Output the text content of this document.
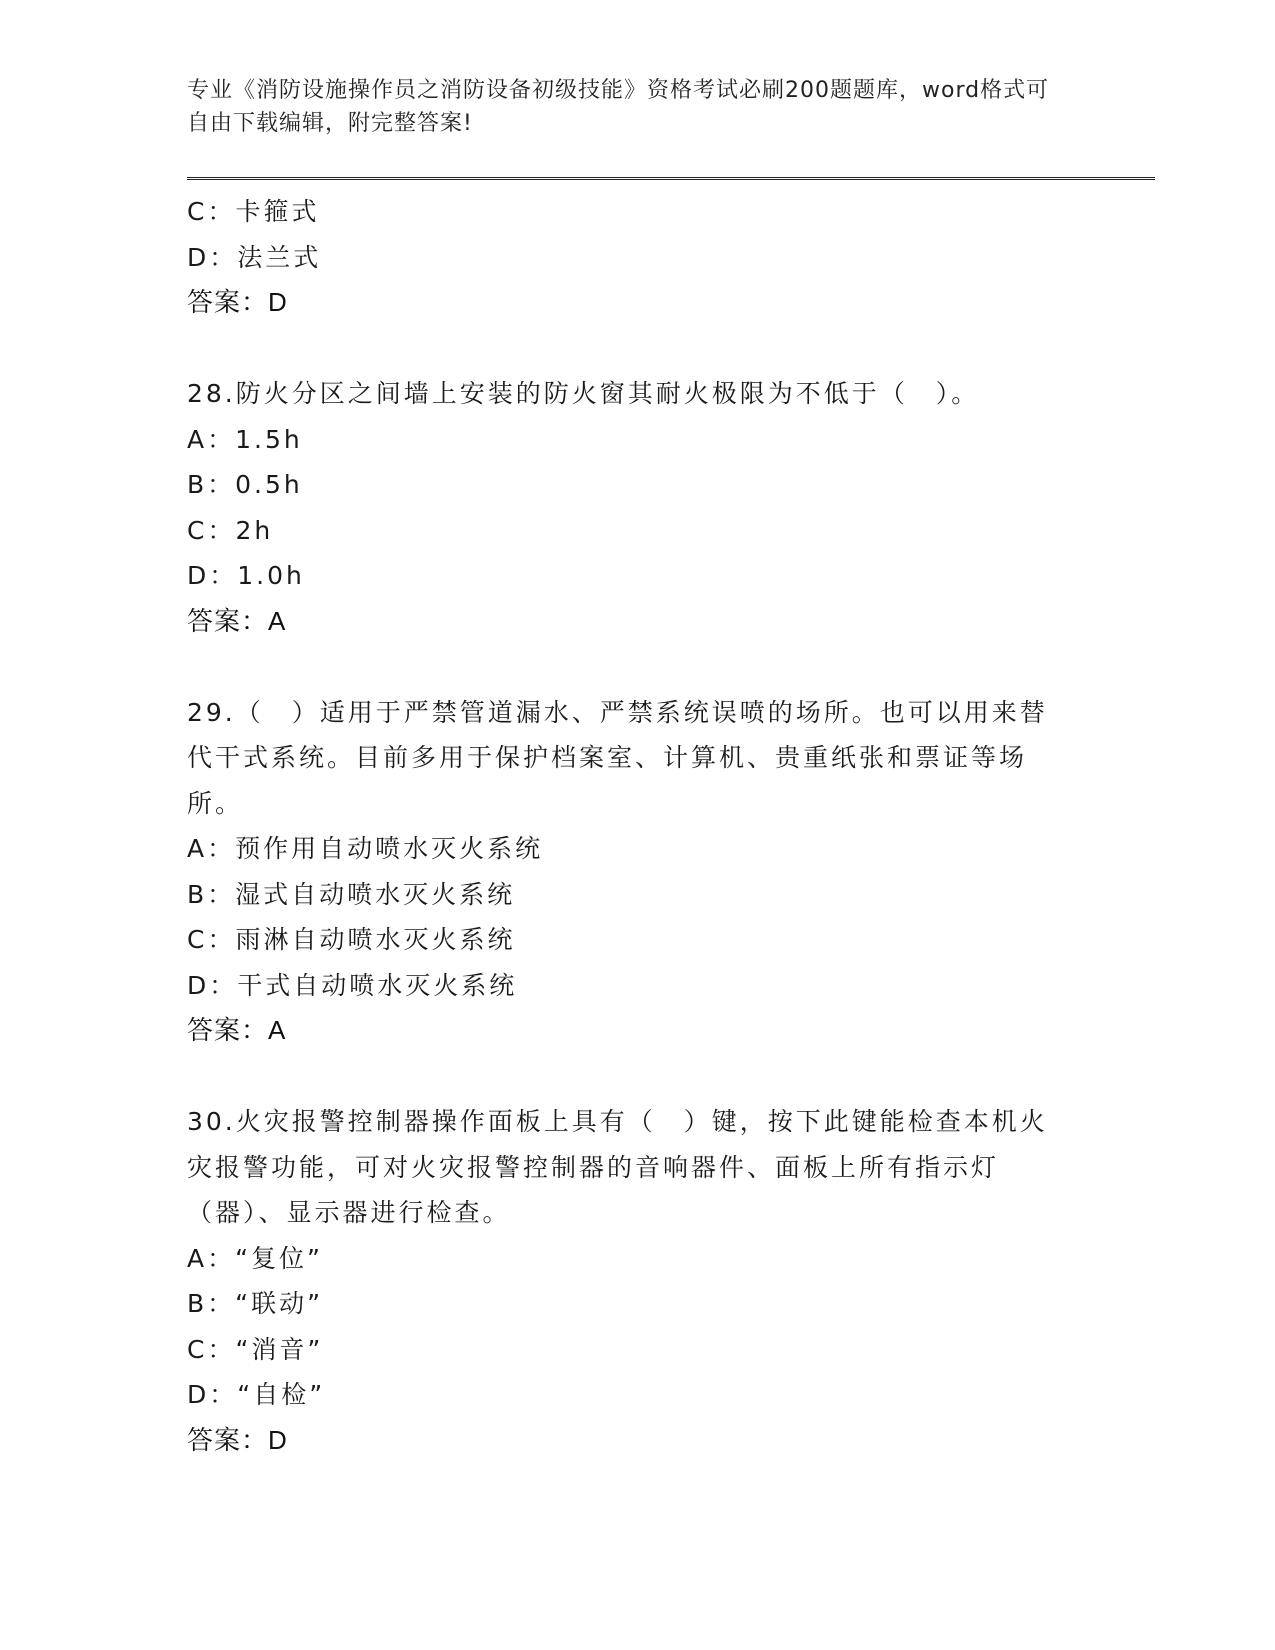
专业《消防设施操作员之消防设备初级技能》资格考试必刷200题题库，word格式可自由下载编辑，附完整答案!
C：卡箍式
D：法兰式
答案：D
28.防火分区之间墙上安装的防火窗其耐火极限为不低于（　）。
A：1.5h
B：0.5h
C：2h
D：1.0h
答案：A
29.（　）适用于严禁管道漏水、严禁系统误喷的场所。也可以用来替代干式系统。目前多用于保护档案室、计算机、贵重纸张和票证等场所。
A：预作用自动喷水灭火系统
B：湿式自动喷水灭火系统
C：雨淋自动喷水灭火系统
D：干式自动喷水灭火系统
答案：A
30.火灾报警控制器操作面板上具有（　）键，按下此键能检查本机火灾报警功能，可对火灾报警控制器的音响器件、面板上所有指示灯（器）、显示器进行检查。
A：“复位”
B：“联动”
C：“消音”
D：“自检”
答案：D
